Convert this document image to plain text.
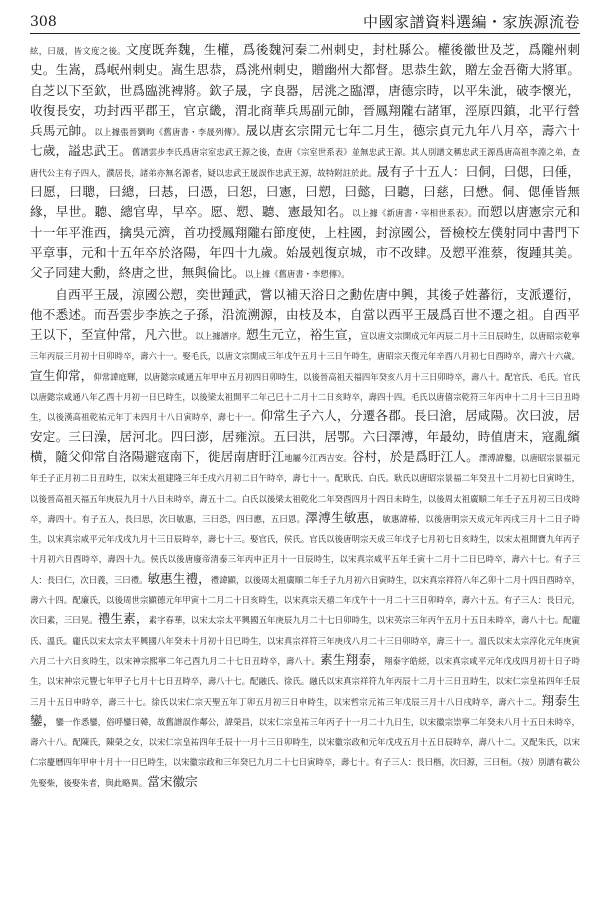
308	中國家譜資料選編・家族源流卷

絃，曰晟，皆文度之後。文度既奔魏，生權，爲後魏河秦二州刺史，封杜縣公。權後徽世及芝，爲隴州刺史。生嵩，爲岷州刺史。嵩生思恭，爲洮州刺史，贈幽州大都督。思恭生欽，贈左金吾衛大將軍。自芝以下至欽，世爲臨洮裨將。欽子晟，字良器，居洮之臨潭，唐德宗時，以平朱泚，破李懷光，收復長安，功封西平郡王，官京畿，渭北商華兵馬副元帥，晉鳳翔隴右諸軍，涇原四鎮，北平行營兵馬元帥。以上據張晉劉昫《舊唐書・李晟列傳》。晟以唐玄宗開元七年二月生，德宗貞元九年八月卒，壽六十七歲，謚忠武王。舊譜雲步李氏爲唐宗室忠武王源之後，查唐《宗室世系表》並無忠武王源。其人別譜文稱忠武王源爲唐高祖李淵之弟，查唐代公主有子四人，濮居長，諸弟亦無名源者，疑以忠武王晟誤作忠武王源，故特附註於此。晟有子十五人：曰侗，曰偲，曰倕，曰愿，曰聰，曰總，曰惎，曰憑，曰恕，曰憲，曰愬，曰懿，曰聽，曰慈，曰懋。侗、偲倕皆無緣，早世。聽、總官卑，早卒。愿、愬、聽、憲最知名。以上據《新唐書・宰相世系表》。而愬以唐憲宗元和十一年平淮西，擒吳元濟，首功授鳳翔隴右節度使，上柱國，封涼國公，晉檢校左僕射同中書門下平章事，元和十五年卒於洛陽，年四十九歲。始晟剋復京城，市不改肆。及愬平淮蔡，復踵其美。父子同建大勳，終唐之世，無與倫比。以上據《舊唐書・李愬傳》。

自西平王晟，涼國公愬，奕世踵武，嘗以補天浴日之勳佐唐中興，其後子姓蕃衍，支派遷衍，他不悉述。而吾雲步李族之子孫，沿流溯源，由枝及本，自當以西平王晟爲百世不遷之祖。自西平王以下，至宣仲常，凡六世。以上據譜序。愬生元立，裕生宣，宣以唐文宗開成元年丙辰二月十三日辰時生，以唐昭宗乾寧三年丙辰三月初十日卯時卒，壽六十一。娶毛氏，以唐文宗開成三年戊午五月十三日午時生，唐昭宗天復元年辛酉八月初七日酉時卒，壽六十六歲。宣生仰常，仰常諱庭輝，以唐懿宗咸通五年甲申五月初四日卯時生，以後晉高祖天福四年癸亥八月十三日卯時卒，壽八十。配官氏、毛氏。官氏以唐懿宗咸通八年乙酉十月初一日巳時生，以後梁太祖開平二年己巳十二月十二日亥時卒，壽四十四。毛氏以唐僖宗乾符三年丙申十二月十三日丑時生，以後漢高祖乾祐元年丁未四月十八日寅時卒，壽七十一。仰常生子六人，分遷各郡。長曰滄，居咸陽。次曰波，居安定。三曰澡，居河北。四曰澎，居雍涼。五曰洪，居鄂。六曰澤溥，年最幼，時值唐末，寇亂繽横，隨父仰常自洛陽避寇南下，徙居南唐盱江地屬今江西吉安。谷村，於是爲盱江人。澤溥諱鑿，以唐昭宗景福元年壬子正月初二日丑時生，以宋太祖建隆三年壬戌六月初二日午時卒，壽七十一。配耿氏、白氏。耿氏以唐昭宗景福二年癸丑十二月初七日寅時生，以後晉高祖天福五年庚辰九月十八日未時卒，壽五十二。白氏以後梁太祖乾化二年癸酉四月十四日未時生，以後周太祖廣順二年壬子五月初三日戌時卒，壽四十。有子五人，長曰思，次曰敏惠，三曰恐，四曰應，五曰恩。澤溥生敏惠，敏惠諱椿，以後唐明宗天成元年丙戌三月十二日子時生，以宋真宗咸平元年戊戌九月十三日辰時卒，壽七十三。娶官氏，侯氏。官氏以後唐明宗天成三年戊子七月初七日亥時生，以宋太祖開寶九年丙子十月初六日酉時卒，壽四十九。侯氏以後唐廢帝清泰三年丙申正月十一日辰時生，以宋真宗咸平五年壬寅十二月十二日巳時卒，壽六十七。有子三人：長曰仁，次曰義，三曰禮。敏惠生禮，禮諱顯，以後周太祖廣順二年壬子九月初六日寅時生，以宋真宗祥符八年乙卯十二月十四日酉時卒，壽六十四。配廉氏，以後周世宗顯德元年甲寅十二月二十日亥時生，以宋真宗天禧二年戊午十一月二十三日卯時卒，壽六十五。有子三人：長曰元，次曰素，三曰晃。禮生素，素字春華，以宋太宗太平興國五年庚辰九月二十七日卯時生，以宋英宗三年丙午五月十五日未時卒，壽八十七。配龐氏、溫氏。龐氏以宋太宗太平興國八年癸未十月初十日巳時生，以宋真宗祥符三年庚戌八月二十三日卯時卒，壽三十一。溫氏以宋太宗淳化元年庚寅六月二十六日亥時生，以宋神宗熙寧二年己酉九月二十七日丑時卒，壽八十。素生翔泰，翔泰字皓經，以宋真宗咸平元年戊戌四月初十日子時生，以宋神宗元豐七年甲子七月十七日丑時卒，壽八十七。配融氏、徐氏。融氏以宋真宗祥符九年丙辰十二月十三日丑時生，以宋仁宗皇祐四年壬辰三月十五日申時卒，壽三十七。徐氏以宋仁宗天聖五年丁卯五月初三日申時生，以宋哲宗元祐三年戊辰三月十八日戌時卒，壽六十二。翔泰生鑾，鑾一作悉鑾，俗呼鑾曰韓，故舊譜誤作鄰公，諱榮昌，以宋仁宗皇祐三年丙子十一月二十九日生，以宋徽宗崇寧二年癸未八月十五日未時卒，壽六十八。配陳氏，陳榮之女，以宋仁宗皇祐四年壬辰十一月十三日卯時生，以宋徽宗政和元年戊戌五月十五日辰時卒，壽八十二。又配朱氏，以宋仁宗慶曆四年甲申十月十一日巳時生，以宋徽宗政和三年癸巳九月二十七日寅時卒，壽七十。有子三人：長曰楷，次曰源，三曰桓。（按）別譜有載公先娶柴，後娶朱者，與此略異。當宋徽宗
